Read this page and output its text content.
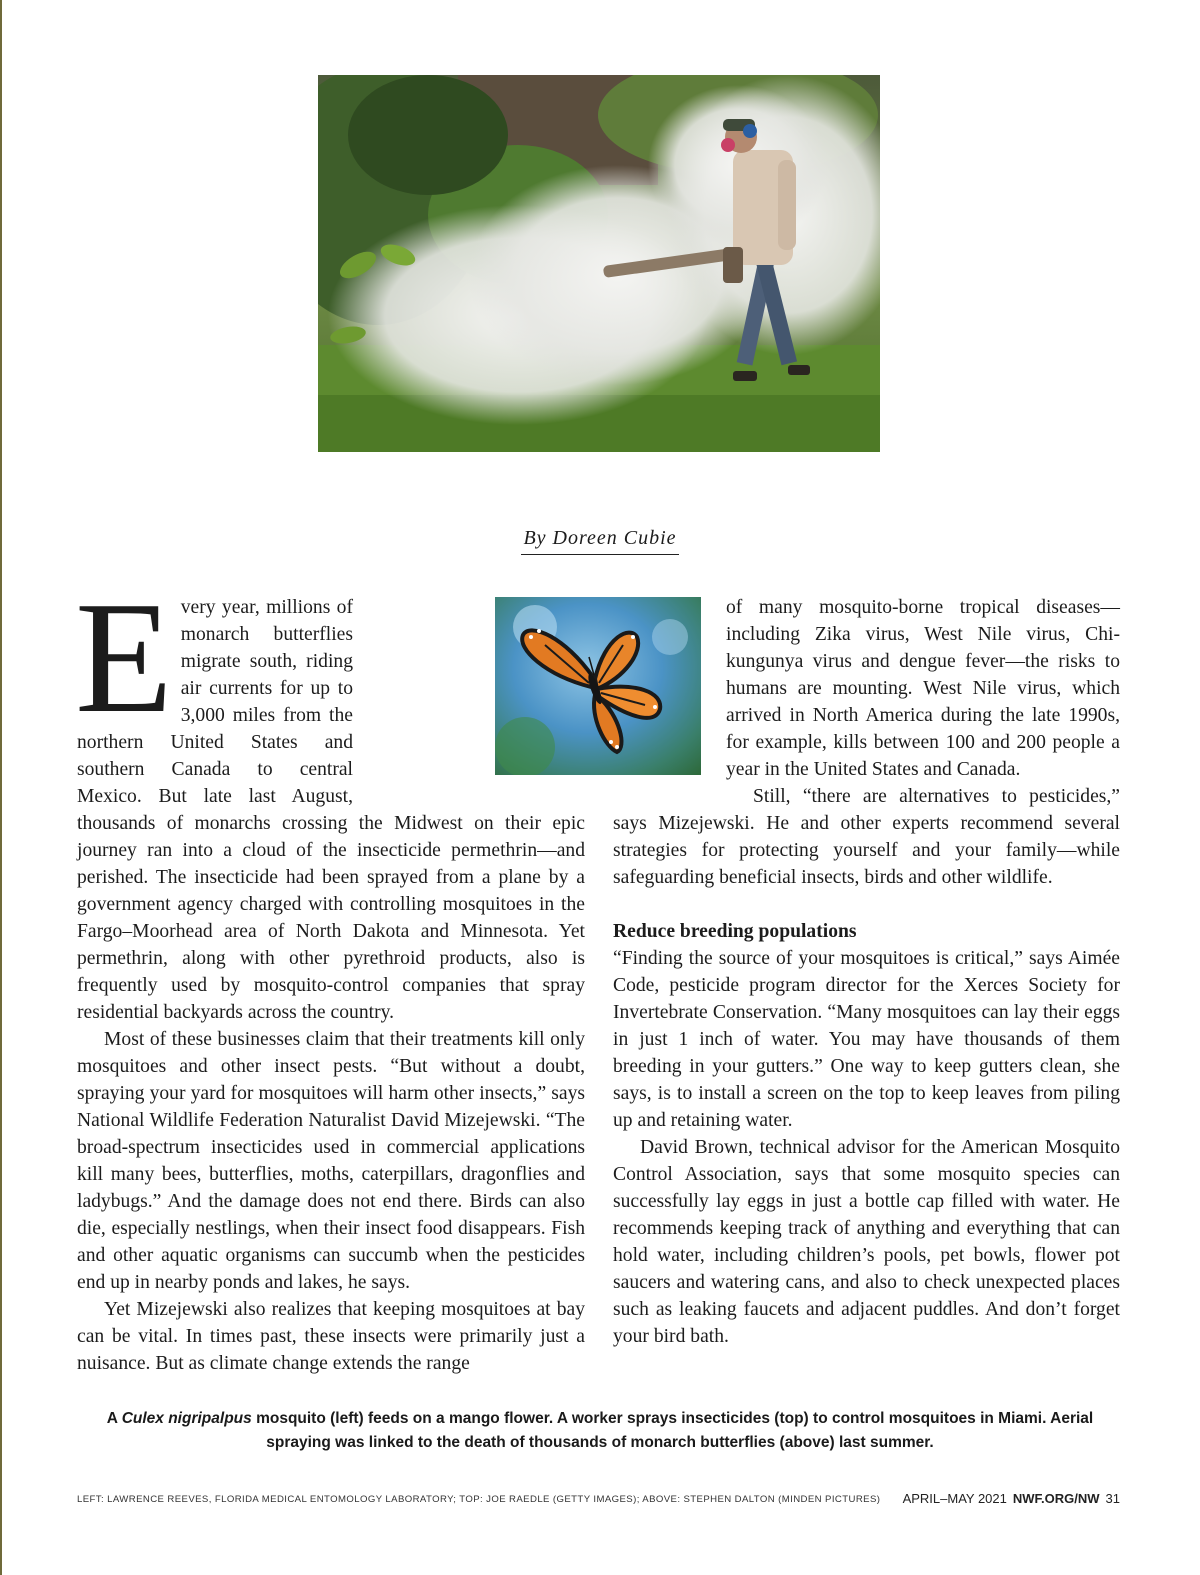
By Doreen Cubie

E very year, millions of monarch butterflies migrate south, riding air currents for up to 3,000 miles from the northern United States and southern Canada to central Mexico. But late last August, thousands of monarchs crossing the Midwest on their epic journey ran into a cloud of the insecticide permethrin—and perished. The insecticide had been sprayed from a plane by a government agency charged with controlling mosquitoes in the Fargo–Moorhead area of North Dakota and Minnesota. Yet permethrin, along with other pyrethroid products, also is frequently used by mosquito-control companies that spray residential backyards across the country.

Most of these businesses claim that their treatments kill only mosquitoes and other insect pests. “But without a doubt, spraying your yard for mosquitoes will harm other insects,” says National Wildlife Federation Naturalist David Mizejewski. “The broad-spectrum insecticides used in commercial applications kill many bees, butterflies, moths, caterpillars, dragonflies and ladybugs.” And the damage does not end there. Birds can also die, especially nestlings, when their insect food disappears. Fish and other aquatic organisms can succumb when the pesticides end up in nearby ponds and lakes, he says.

Yet Mizejewski also realizes that keeping mosquitoes at bay can be vital. In times past, these insects were primarily just a nuisance. But as climate change extends the range

of many mosquito-borne tropical diseases— including Zika virus, West Nile virus, Chikungunya virus and dengue fever—the risks to humans are mounting. West Nile virus, which arrived in North America during the late 1990s, for example, kills between 100 and 200 people a year in the United States and Canada.

Still, “there are alternatives to pesticides,” says Mizejewski. He and other experts recommend several strategies for protecting yourself and your family—while safeguarding beneficial insects, birds and other wildlife.

Reduce breeding populations

“Finding the source of your mosquitoes is critical,” says Aimée Code, pesticide program director for the Xerces Society for Invertebrate Conservation. “Many mosquitoes can lay their eggs in just 1 inch of water. You may have thousands of them breeding in your gutters.” One way to keep gutters clean, she says, is to install a screen on the top to keep leaves from piling up and retaining water.

David Brown, technical advisor for the American Mosquito Control Association, says that some mosquito species can successfully lay eggs in just a bottle cap filled with water. He recommends keeping track of anything and everything that can hold water, including children’s pools, pet bowls, flower pot saucers and watering cans, and also to check unexpected places such as leaking faucets and adjacent puddles. And don’t forget your bird bath.

A Culex nigripalpus mosquito (left) feeds on a mango flower. A worker sprays insecticides (top) to control mosquitoes in Miami. Aerial spraying was linked to the death of thousands of monarch butterflies (above) last summer.
LEFT: LAWRENCE REEVES, FLORIDA MEDICAL ENTOMOLOGY LABORATORY; TOP: JOE RAEDLE (GETTY IMAGES); ABOVE: STEPHEN DALTON (MINDEN PICTURES) APRIL–MAY 2021 NWF.ORG/NW 31
